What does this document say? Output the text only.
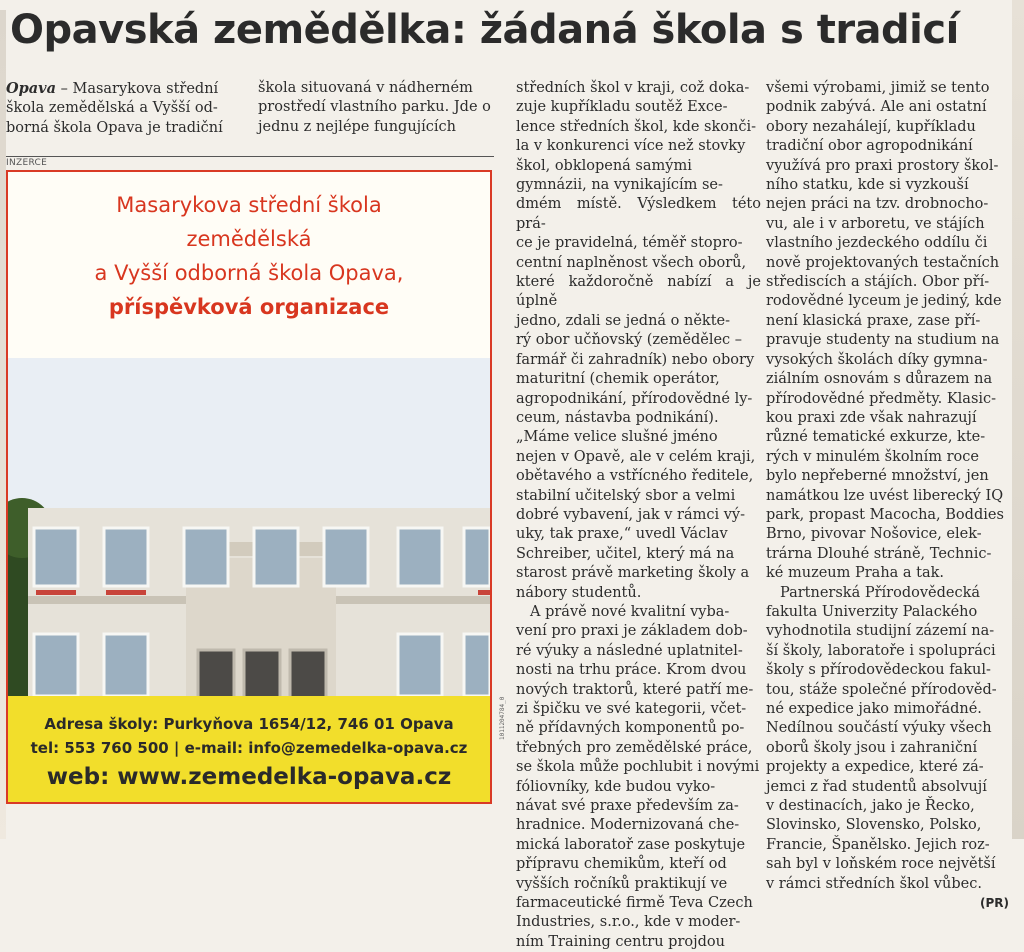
Opavská zemědělka: žádaná škola s tradicí

Opava – Masarykova střední
škola zemědělská a Vyšší od-
borná škola Opava je tradiční

škola situovaná v nádherném
prostředí vlastního parku. Jde o
jednu z nejlépe fungujících

středních škol v kraji, což doka-
zuje kupříkladu soutěž Exce-
lence středních škol, kde skonči-
la v konkurenci více než stovky
škol, obklopená samými
gymnázii, na vynikajícím se-
dmém místě. Výsledkem této prá-
ce je pravidelná, téměř stopro-
centní naplněnost všech oborů,
které každoročně nabízí a je úplně
jedno, zdali se jedná o někte-
rý obor učňovský (zemědělec –
farmář či zahradník) nebo obory
maturitní (chemik operátor,
agropodnikání, přírodovědné ly-
ceum, nástavba podnikání).
„Máme velice slušné jméno
nejen v Opavě, ale v celém kraji,
obětavého a vstřícného ředitele,
stabilní učitelský sbor a velmi
dobré vybavení, jak v rámci vý-
uky, tak praxe,“ uvedl Václav
Schreiber, učitel, který má na
starost právě marketing školy a
nábory studentů.

A právě nové kvalitní vyba-
vení pro praxi je základem dob-
ré výuky a následné uplatnitel-
nosti na trhu práce. Krom dvou
nových traktorů, které patří me-
zi špičku ve své kategorii, včet-
ně přídavných komponentů po-
třebných pro zemědělské práce,
se škola může pochlubit i novými
fóliovníky, kde budou vyko-
návat své praxe především za-
hradnice. Modernizovaná che-
mická laboratoř zase poskytuje
přípravu chemikům, kteří od
vyšších ročníků praktikují ve
farmaceutické firmě Teva Czech
Industries, s.r.o., kde v moder-
ním Training centru projdou

všemi výrobami, jimiž se tento
podnik zabývá. Ale ani ostatní
obory nezahálejí, kupříkladu
tradiční obor agropodnikání
využívá pro praxi prostory škol-
ního statku, kde si vyzkouší
nejen práci na tzv. drobnocho-
vu, ale i v arboretu, ve stájích
vlastního jezdeckého oddílu či
nově projektovaných testačních
střediscích a stájích. Obor pří-
rodovědné lyceum je jediný, kde
není klasická praxe, zase pří-
pravuje studenty na studium na
vysokých školách díky gymna-
ziálním osnovám s důrazem na
přírodovědné předměty. Klasic-
kou praxi zde však nahrazují
různé tematické exkurze, kte-
rých v minulém školním roce
bylo nepřeberné množství, jen
namátkou lze uvést liberecký IQ
park, propast Macocha, Boddies
Brno, pivovar Nošovice, elek-
trárna Dlouhé stráně, Technic-
ké muzeum Praha a tak.

Partnerská Přírodovědecká
fakulta Univerzity Palackého
vyhodnotila studijní zázemí na-
ší školy, laboratoře i spolupráci
školy s přírodovědeckou fakul-
tou, stáže společné přírodověd-
né expedice jako mimořádné.
Nedílnou součástí výuky všech
oborů školy jsou i zahraniční
projekty a expedice, které zá-
jemci z řad studentů absolvují
v destinacích, jako je Řecko,
Slovinsko, Slovensko, Polsko,
Francie, Španělsko. Jejich roz-
sah byl v loňském roce největší
v rámci středních škol vůbec.

(PR)

INZERCE
Masarykova střední škola
zemědělská
a Vyšší odborná škola Opava,
příspěvková organizace
Adresa školy: Purkyňova 1654/12, 746 01 Opava
tel: 553 760 500 | e-mail: info@zemedelka-opava.cz
web: www.zemedelka-opava.cz
1011204784_0
